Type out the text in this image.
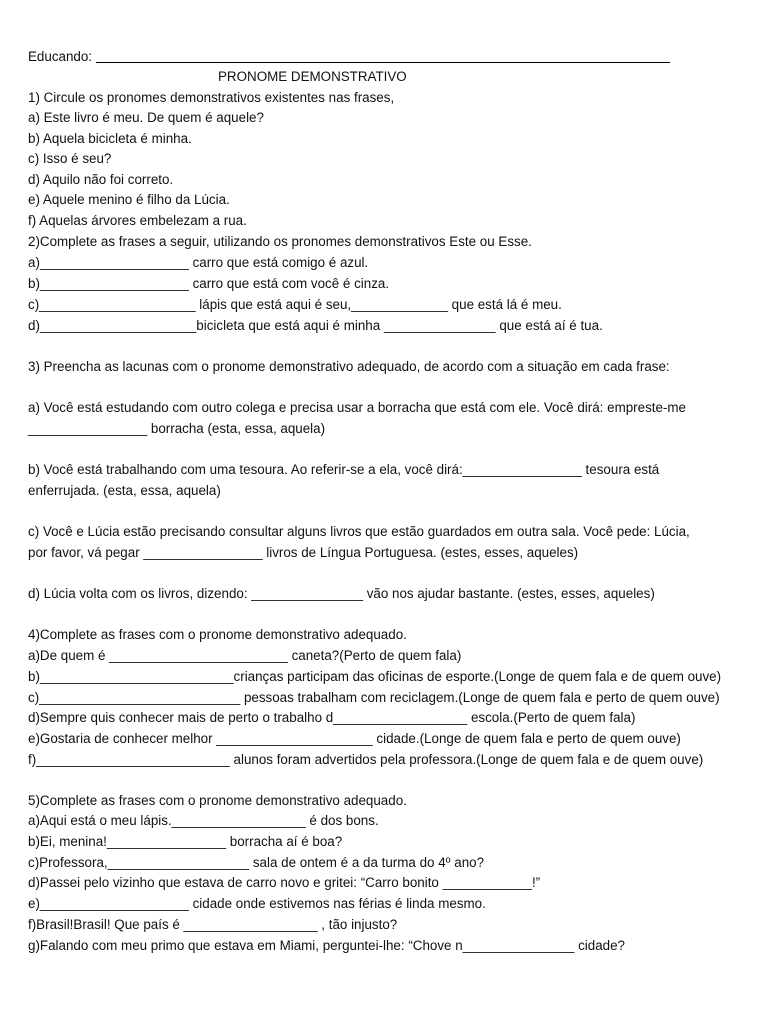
Educando:
PRONOME DEMONSTRATIVO
1) Circule os pronomes demonstrativos existentes nas frases,
a) Este livro é meu. De quem é aquele?
b) Aquela bicicleta é minha.
c) Isso é seu?
d) Aquilo não foi correto.
e) Aquele menino é filho da Lúcia.
f) Aquelas árvores embelezam a rua.
2)Complete as frases a seguir, utilizando os pronomes demonstrativos Este ou Esse.
a)____________________ carro que está comigo é azul.
b)____________________ carro que está com você é cinza.
c)_____________________ lápis que está aqui é seu,_____________ que está lá é meu.
d)_____________________bicicleta que está aqui é minha _______________ que está aí é tua.
3) Preencha as lacunas com o pronome demonstrativo adequado, de acordo com a situação em cada frase:
a) Você está estudando com outro colega e precisa usar a borracha que está com ele. Você dirá: empreste-me
________________ borracha (esta, essa, aquela)
b) Você está trabalhando com uma tesoura. Ao referir-se a ela, você dirá:________________ tesoura está
enferrujada. (esta, essa, aquela)
c) Você e Lúcia estão precisando consultar alguns livros que estão guardados em outra sala. Você pede: Lúcia,
por favor, vá pegar ________________ livros de Língua Portuguesa. (estes, esses, aqueles)
d) Lúcia volta com os livros, dizendo: _______________ vão nos ajudar bastante. (estes, esses, aqueles)
4)Complete as frases com o pronome demonstrativo adequado.
a)De quem é ________________________ caneta?(Perto de quem fala)
b)__________________________crianças participam das oficinas de esporte.(Longe de quem fala e de quem ouve)
c)___________________________ pessoas trabalham com reciclagem.(Longe de quem fala e perto de quem ouve)
d)Sempre quis conhecer mais de perto o trabalho d__________________ escola.(Perto de quem fala)
e)Gostaria de conhecer melhor _____________________ cidade.(Longe de quem fala e perto de quem ouve)
f)__________________________ alunos foram advertidos pela professora.(Longe de quem fala e de quem ouve)
5)Complete as frases com o pronome demonstrativo adequado.
a)Aqui está o meu lápis.__________________ é dos bons.
b)Ei, menina!________________ borracha aí é boa?
c)Professora,___________________ sala de ontem é a da turma do 4º ano?
d)Passei pelo vizinho que estava de carro novo e gritei: “Carro bonito ____________!”
e)____________________ cidade onde estivemos nas férias é linda mesmo.
f)Brasil!Brasil! Que país é __________________ , tão injusto?
g)Falando com meu primo que estava em Miami, perguntei-lhe: “Chove n_______________ cidade?
